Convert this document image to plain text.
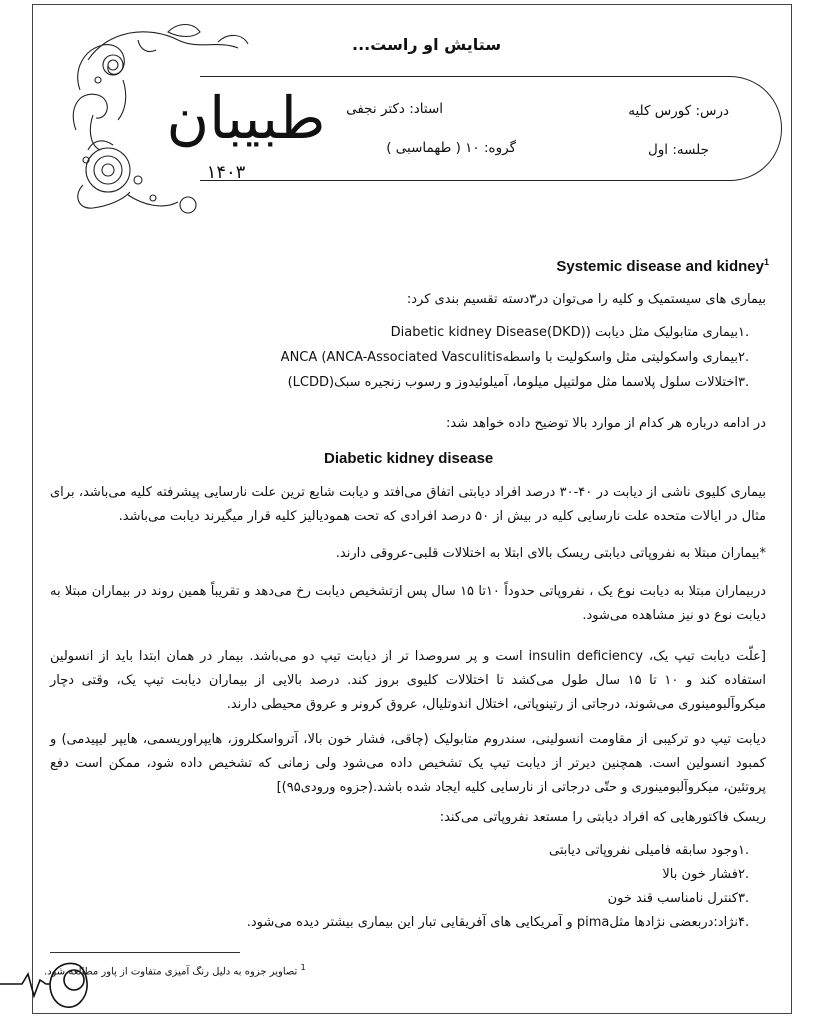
طبیبان
۱۴۰۳
ستایش او راست...
درس: کورس کلیه
استاد: دکتر نجفی
جلسه: اول
گروه: ۱۰ ( طهماسبی )
Systemic disease and kidney$^1$
بیماری های سیستمیک و کلیه را می‌توان در۳دسته تقسیم بندی کرد:
.۱بیماری متابولیک مثل دیابت (Diabetic kidney Disease(DKD)
.۲بیماری واسکولیتی مثل واسکولیت با واسطهANCA (ANCA-Associated Vasculitis
.۳اختلالات سلول پلاسما مثل مولتیپل میلوما، آمیلوئیدوز و رسوب زنجیره سبک(LCDD)
در ادامه درباره هر کدام از موارد بالا توضیح داده خواهد شد:
Diabetic kidney disease
بیماری کلیوی ناشی از دیابت در ۴۰-۳۰ درصد افراد دیابتی اتفاق می‌افتد و دیابت شایع ترین علت نارسایی پیشرفته کلیه می‌باشد، برای مثال در ایالات متحده علت نارسایی کلیه در بیش از ۵۰ درصد افرادی که تحت همودیالیز کلیه قرار میگیرند دیابت می‌باشد.
*بیماران مبتلا به نفروپاتی دیابتی ریسک بالای ابتلا به اختلالات قلبی-عروقی دارند.
دربیماران مبتلا به دیابت نوع یک ، نفروپاتی حدوداً ۱۰تا ۱۵ سال پس ازتشخیص دیابت رخ می‌دهد و تقریباً همین روند در بیماران مبتلا به دیابت نوع دو نیز مشاهده می‌شود.
[علّت دیابت تیپ یک، insulin deficiency است و پر سروصدا تر از دیابت تیپ دو می‌باشد. بیمار در همان ابتدا باید از انسولین استفاده کند و ۱۰ تا ۱۵ سال طول می‌کشد تا اختلالات کلیوی بروز کند. درصد بالایی از بیماران دیابت تیپ یک، وقتی دچار میکروآلبومینوری می‌شوند، درجاتی از رتینوپاتی، اختلال اندوتلیال، عروق کرونر و عروق محیطی دارند.
دیابت تیپ دو ترکیبی از مقاومت انسولینی، سندروم متابولیک (چاقی، فشار خون بالا، آترواسکلروز، هایپراوریسمی، هایپر لیپیدمی) و کمبود انسولین است. همچنین دیرتر از دیابت تیپ یک تشخیص داده می‌شود ولی زمانی که تشخیص داده شود، ممکن است دفع پروتئین، میکروآلبومینوری و حتّی درجاتی از نارسایی کلیه ایجاد شده باشد.(جزوه ورودی۹۵)]
ریسک فاکتورهایی که افراد دیابتی را مستعد نفروپاتی می‌کند:
.۱وجود سابقه فامیلی نفروپاتی دیابتی
.۲فشار خون بالا
.۳کنترل نامناسب قند خون
.۴نژاد:دربعضی نژادها مثلpima و آمریکایی های آفریقایی تبار این بیماری بیشتر دیده می‌شود.
$^1$ تصاویر جزوه به دلیل رنگ آمیزی متفاوت از پاور مطالعه شود.
